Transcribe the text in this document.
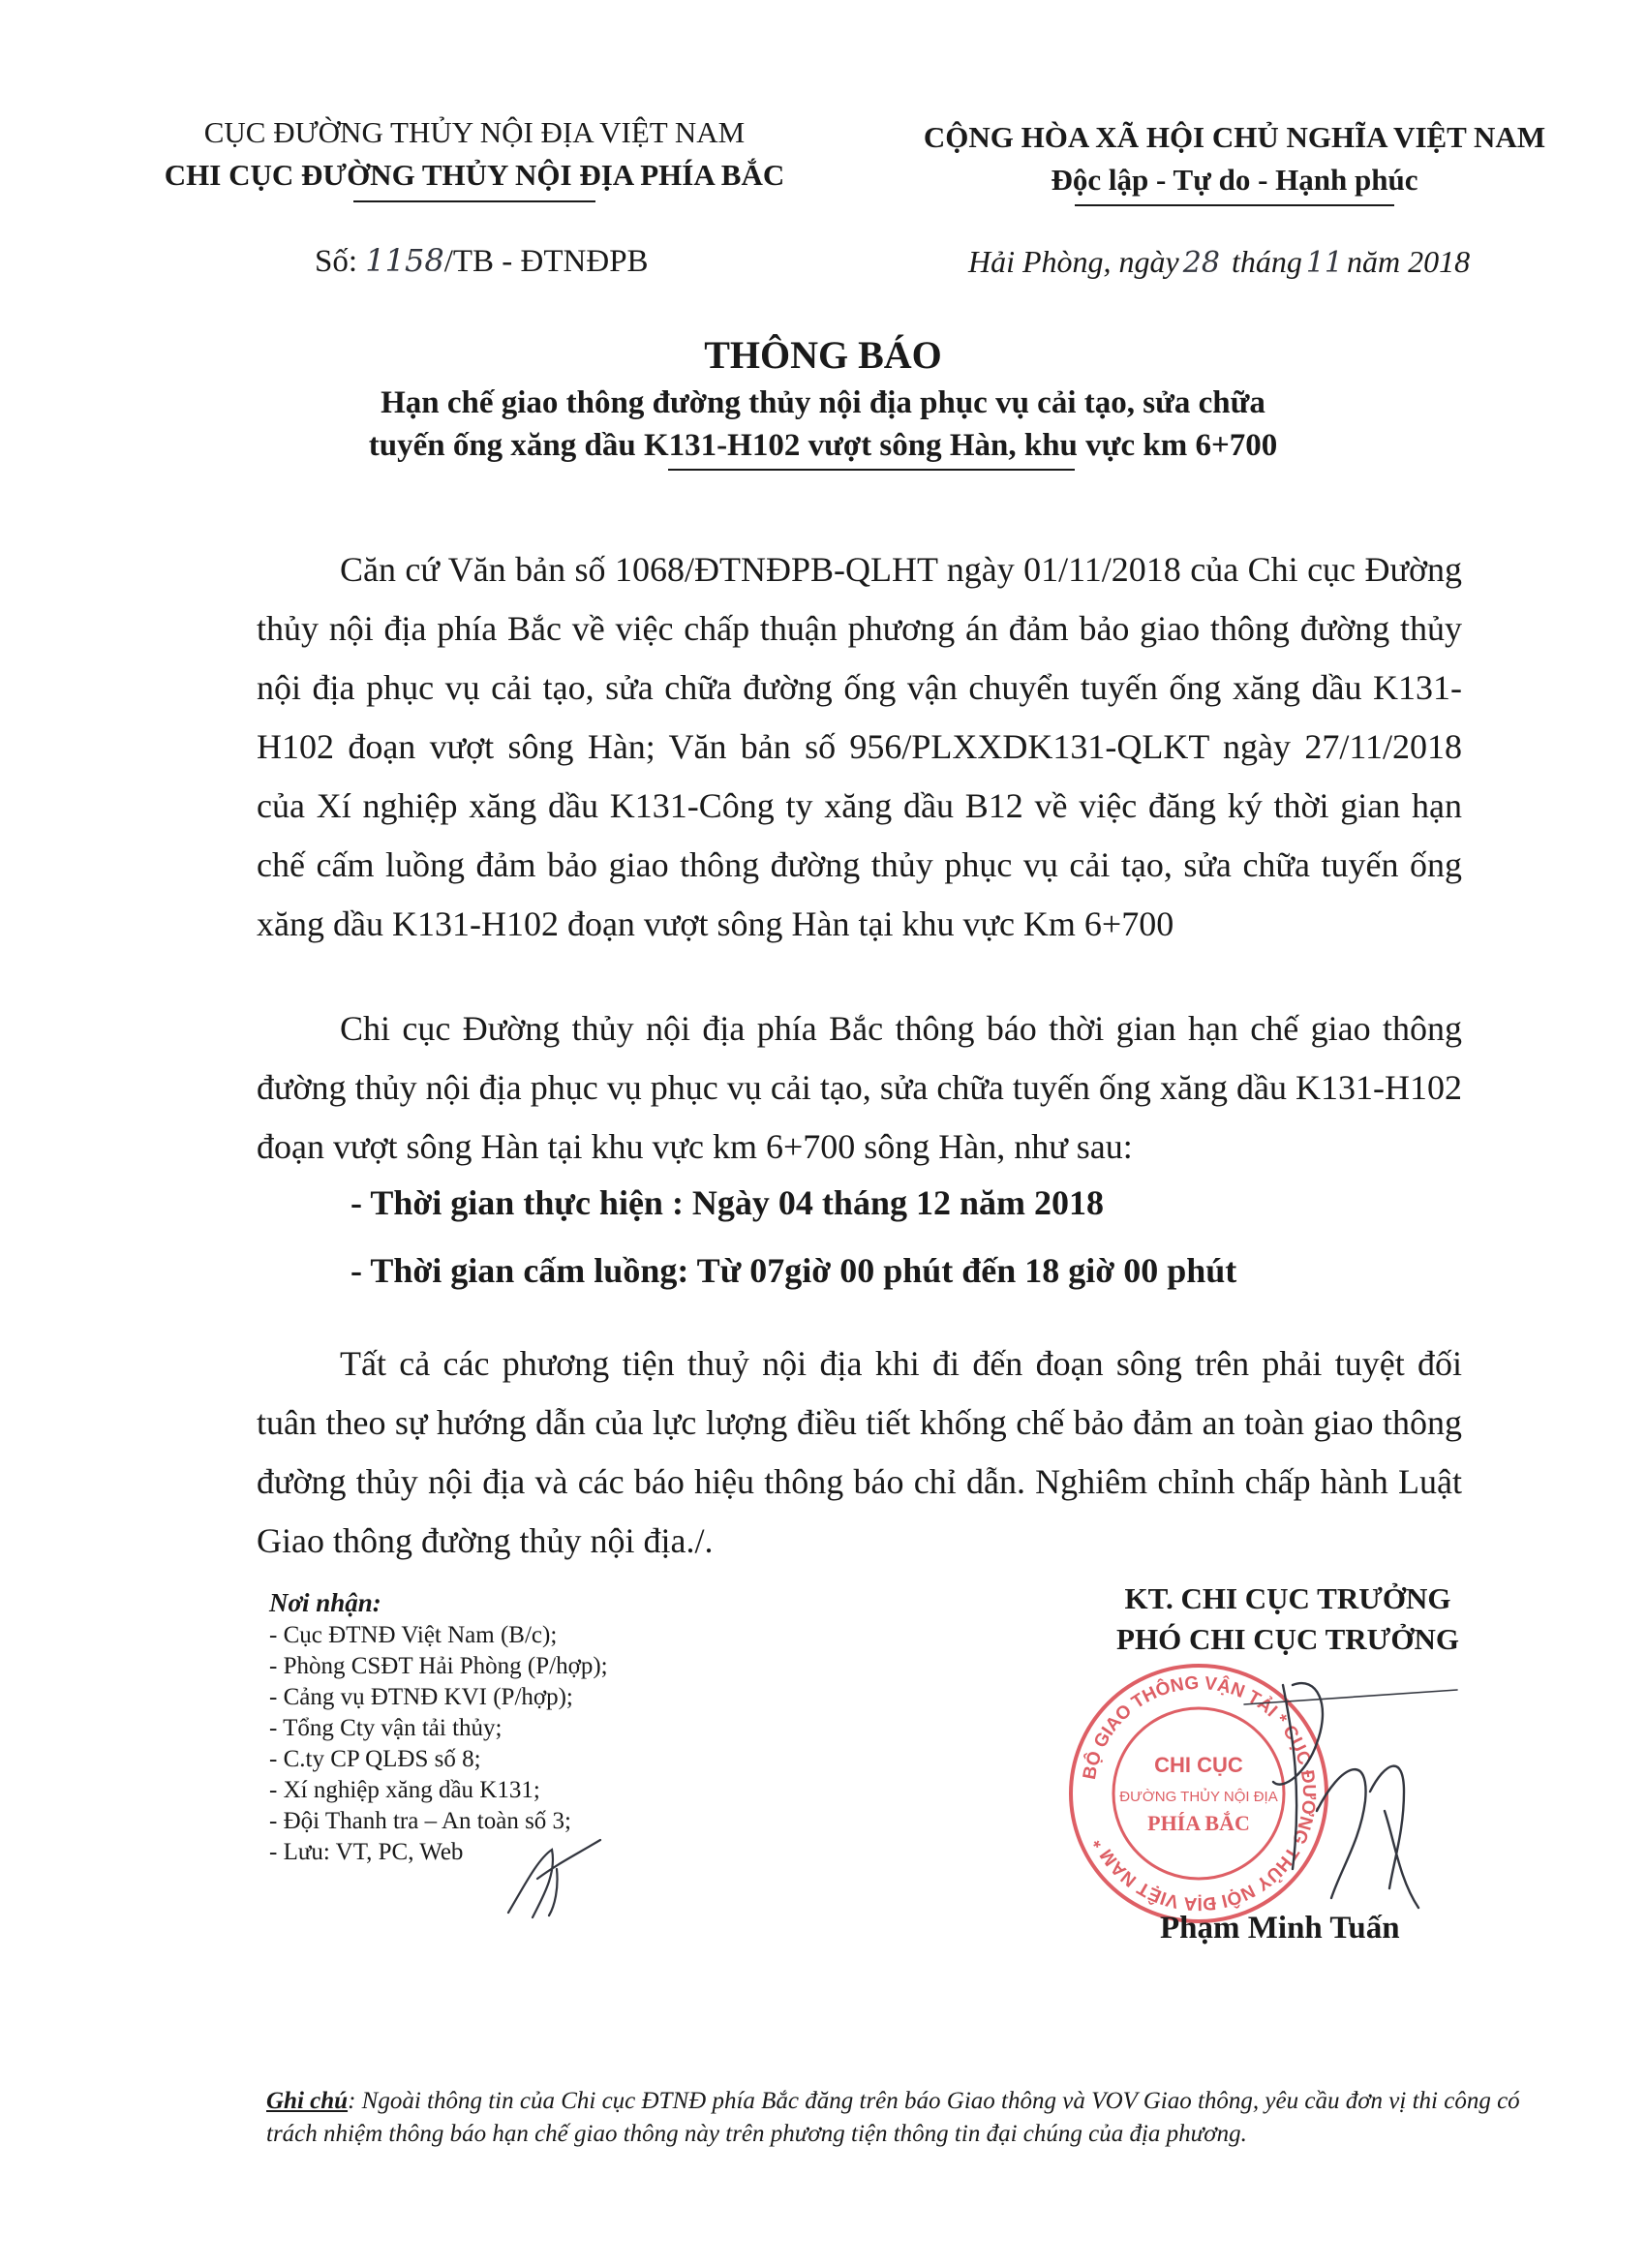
CỤC ĐƯỜNG THỦY NỘI ĐỊA VIỆT NAM
CHI CỤC ĐƯỜNG THỦY NỘI ĐỊA PHÍA BẮC
Số: 1158/TB - ĐTNĐPB
CỘNG HÒA XÃ HỘI CHỦ NGHĨA VIỆT NAM
Độc lập - Tự do - Hạnh phúc
Hải Phòng, ngày 28 tháng 11 năm 2018
THÔNG BÁO
Hạn chế giao thông đường thủy nội địa phục vụ cải tạo, sửa chữa
tuyến ống xăng dầu K131-H102 vượt sông Hàn, khu vực km 6+700
Căn cứ Văn bản số 1068/ĐTNĐPB-QLHT ngày 01/11/2018 của Chi cục Đường thủy nội địa phía Bắc về việc chấp thuận phương án đảm bảo giao thông đường thủy nội địa phục vụ cải tạo, sửa chữa đường ống vận chuyển tuyến ống xăng dầu K131-H102 đoạn vượt sông Hàn; Văn bản số 956/PLXXDK131-QLKT ngày 27/11/2018 của Xí nghiệp xăng dầu K131-Công ty xăng dầu B12 về việc đăng ký thời gian hạn chế cấm luồng đảm bảo giao thông đường thủy phục vụ cải tạo, sửa chữa tuyến ống xăng dầu K131-H102 đoạn vượt sông Hàn tại khu vực Km 6+700
Chi cục Đường thủy nội địa phía Bắc thông báo thời gian hạn chế giao thông đường thủy nội địa phục vụ phục vụ cải tạo, sửa chữa tuyến ống xăng dầu K131-H102 đoạn vượt sông Hàn tại khu vực km 6+700 sông Hàn, như sau:
- Thời gian thực hiện : Ngày 04 tháng 12 năm 2018
- Thời gian cấm luồng: Từ 07giờ 00 phút đến 18 giờ 00 phút
Tất cả các phương tiện thuỷ nội địa khi đi đến đoạn sông trên phải tuyệt đối tuân theo sự hướng dẫn của lực lượng điều tiết khống chế bảo đảm an toàn giao thông đường thủy nội địa và các báo hiệu thông báo chỉ dẫn. Nghiêm chỉnh chấp hành Luật Giao thông đường thủy nội địa./.
Nơi nhận:
- Cục ĐTNĐ Việt Nam (B/c);
- Phòng CSĐT Hải Phòng (P/hợp);
- Cảng vụ ĐTNĐ KVI (P/hợp);
- Tổng Cty vận tải thủy;
- C.ty CP QLĐS số 8;
- Xí nghiệp xăng dầu K131;
- Đội Thanh tra – An toàn số 3;
- Lưu: VT, PC, Web
KT. CHI CỤC TRƯỞNG
PHÓ CHI CỤC TRƯỞNG
BỘ GIAO THÔNG VẬN TẢI * CỤC ĐƯỜNG THỦY NỘI ĐỊA VIỆT NAM *
CHI CỤC
ĐƯỜNG THỦY NỘI ĐỊA
PHÍA BẮC
Phạm Minh Tuấn
Ghi chú: Ngoài thông tin của Chi cục ĐTNĐ phía Bắc đăng trên báo Giao thông và VOV Giao thông, yêu cầu đơn vị thi công có trách nhiệm thông báo hạn chế giao thông này trên phương tiện thông tin đại chúng của địa phương.
